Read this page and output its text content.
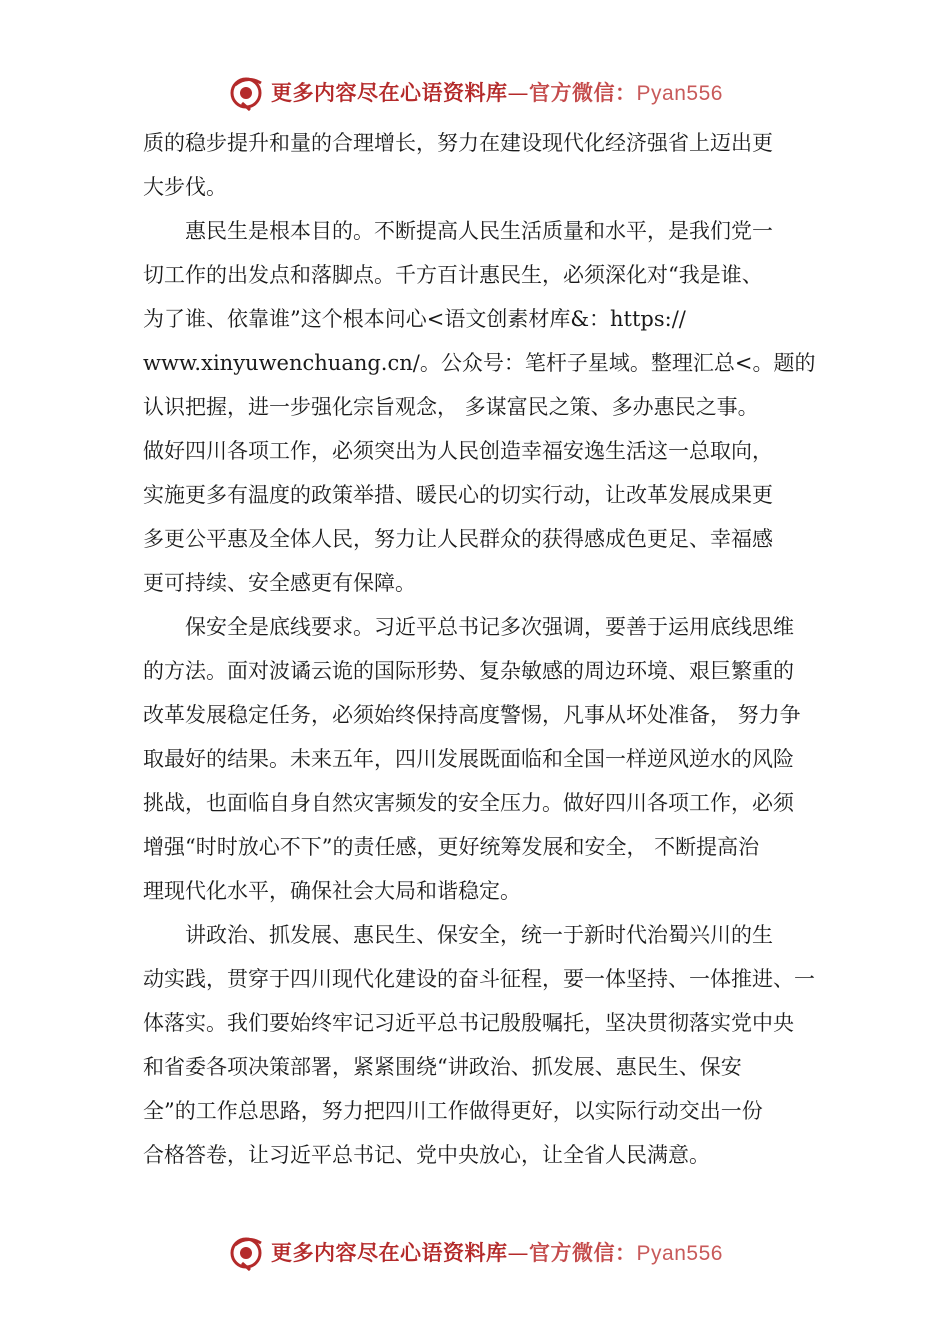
更多内容尽在心语资料库—官方微信：Pyan556
质的稳步提升和量的合理增长，努力在建设现代化经济强省上迈出更
大步伐。
　　惠民生是根本目的。不断提高人民生活质量和水平，是我们党一
切工作的出发点和落脚点。千方百计惠民生，必须深化对“我是谁、
为了谁、依靠谁”这个根本问心<语文创素材库&：https://
www.xinyuwenchuang.cn/。公众号：笔杆子星域。整理汇总<。题的
认识把握，进一步强化宗旨观念， 多谋富民之策、多办惠民之事。
做好四川各项工作，必须突出为人民创造幸福安逸生活这一总取向，
实施更多有温度的政策举措、暖民心的切实行动，让改革发展成果更
多更公平惠及全体人民，努力让人民群众的获得感成色更足、幸福感
更可持续、安全感更有保障。
　　保安全是底线要求。习近平总书记多次强调，要善于运用底线思维
的方法。面对波谲云诡的国际形势、复杂敏感的周边环境、艰巨繁重的
改革发展稳定任务，必须始终保持高度警惕，凡事从坏处准备， 努力争
取最好的结果。未来五年，四川发展既面临和全国一样逆风逆水的风险
挑战，也面临自身自然灾害频发的安全压力。做好四川各项工作，必须
增强“时时放心不下”的责任感，更好统筹发展和安全， 不断提高治
理现代化水平，确保社会大局和谐稳定。
　　讲政治、抓发展、惠民生、保安全，统一于新时代治蜀兴川的生
动实践，贯穿于四川现代化建设的奋斗征程，要一体坚持、一体推进、一
体落实。我们要始终牢记习近平总书记殷殷嘱托，坚决贯彻落实党中央
和省委各项决策部署，紧紧围绕“讲政治、抓发展、惠民生、保安
全”的工作总思路，努力把四川工作做得更好，以实际行动交出一份
合格答卷，让习近平总书记、党中央放心，让全省人民满意。
更多内容尽在心语资料库—官方微信：Pyan556
